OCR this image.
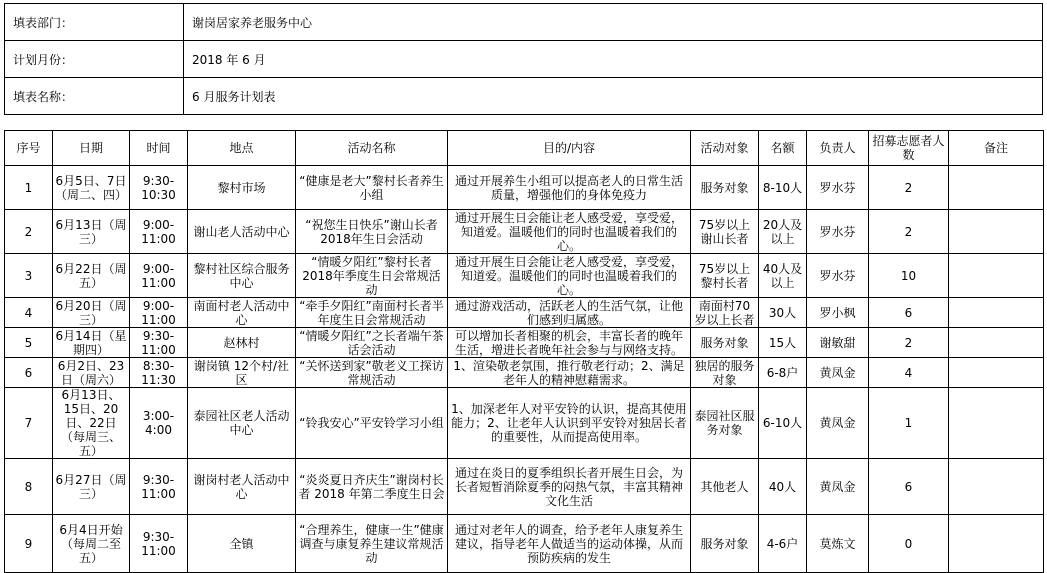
填表部门：	谢岗居家养老服务中心
计划月份：	2018 年 6 月
填表名称：	6 月服务计划表
序号	日期	时间	地点	活动名称	目的/内容	活动对象	名额	负责人	招募志愿者人数	备注
1	6月5日、7日（周二、四）	9:30-10:30	黎村市场	“健康是老大”黎村长者养生小组	通过开展养生小组可以提高老人的日常生活质量，增强他们的身体免疫力	服务对象	8-10人	罗水芬	2	
2	6月13日（周三）	9:00-11:00	谢山老人活动中心	“祝您生日快乐”谢山长者2018年生日会活动	通过开展生日会能让老人感受爱，享受爱，知道爱。温暖他们的同时也温暖着我们的心。	75岁以上谢山长者	20人及以上	罗水芬	2	
3	6月22日（周五）	9:00-11:00	黎村社区综合服务中心	“情暖夕阳红”黎村长者2018年季度生日会常规活动	通过开展生日会能让老人感受爱，享受爱，知道爱。温暖他们的同时也温暖着我们的心。	75岁以上黎村长者	40人及以上	罗水芬	10	
4	6月20日（周三）	9:00-11:00	南面村老人活动中心	“牵手夕阳红”南面村长者半年度生日会常规活动	通过游戏活动，活跃老人的生活气氛，让他们感到归属感。	南面村70岁以上长者	30人	罗小枫	6	
5	6月14日（星期四）	9:30-11:00	赵林村	“情暖夕阳红”之长者端午茶话会活动	可以增加长者相聚的机会，丰富长者的晚年生活，增进长者晚年社会参与与网络支持。	服务对象	15人	谢敏甜	2	
6	6月2日、23日（周六）	8:30-11:30	谢岗镇 12个村/社区	“关怀送到家”敬老义工探访常规活动	1、渲染敬老氛围，推行敬老行动；2、满足老年人的精神慰藉需求。	独居的服务对象	6-8户	黄凤金	4	
7	6月13日、15日、20日、22日（每周三、五）	3:00-4:00	泰园社区老人活动中心	“铃我安心”平安铃学习小组	1、加深老年人对平安铃的认识，提高其使用能力；2、让老年人认识到平安铃对独居长者的重要性，从而提高使用率。	泰园社区服务对象	6-10人	黄凤金	1	
8	6月27日（周三）	9:30-11:00	谢岗村老人活动中心	“炎炎夏日齐庆生”谢岗村长者 2018 年第二季度生日会	通过在炎日的夏季组织长者开展生日会，为长者短暂消除夏季的闷热气氛，丰富其精神文化生活	其他老人	40人	黄凤金	6	
9	6月4日开始（每周二至五）	9:30-11:00	全镇	“合理养生，健康一生”健康调查与康复养生建议常规活动	通过对老年人的调查，给予老年人康复养生建议，指导老年人做适当的运动体操，从而预防疾病的发生	服务对象	4-6户	莫炼文	0	
